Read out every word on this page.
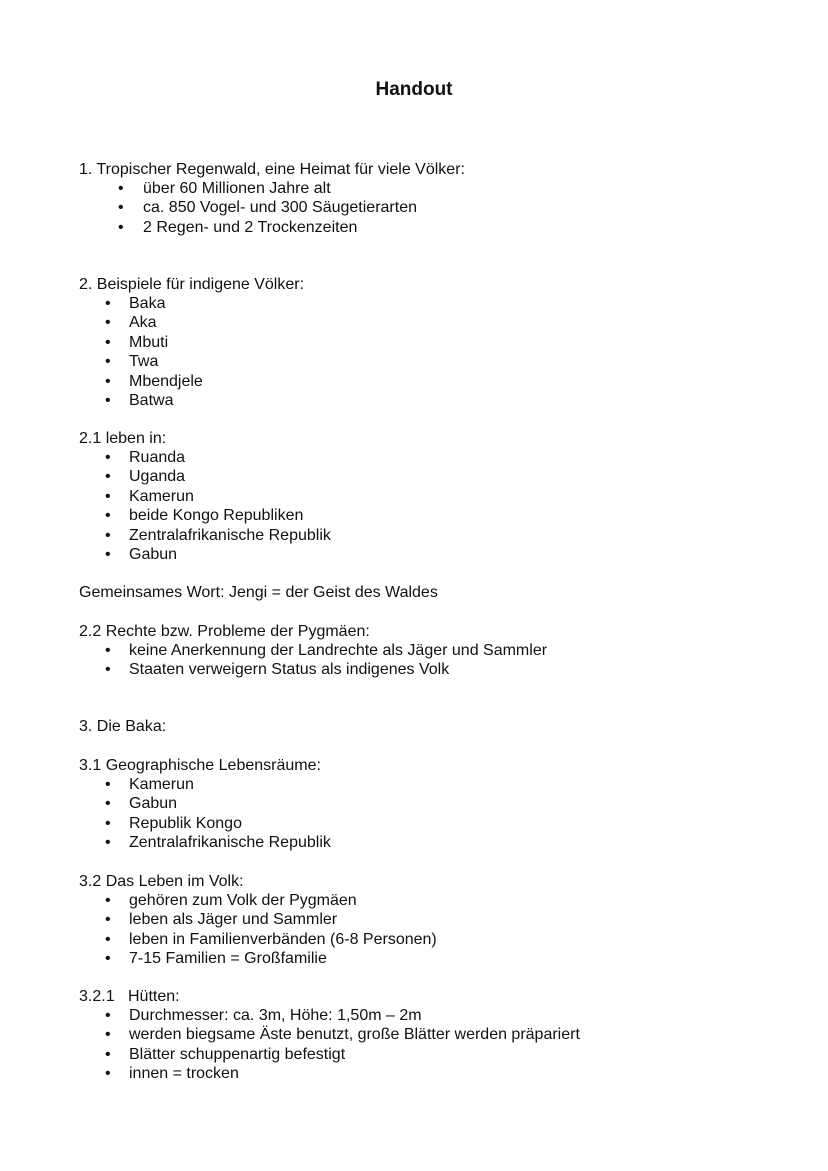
Handout
1. Tropischer Regenwald, eine Heimat für viele Völker:
• über 60 Millionen Jahre alt
• ca. 850 Vogel- und 300 Säugetierarten
• 2 Regen- und 2 Trockenzeiten
2. Beispiele für indigene Völker:
• Baka
• Aka
• Mbuti
• Twa
• Mbendjele
• Batwa
2.1 leben in:
• Ruanda
• Uganda
• Kamerun
• beide Kongo Republiken
• Zentralafrikanische Republik
• Gabun
Gemeinsames Wort: Jengi = der Geist des Waldes
2.2 Rechte bzw. Probleme der Pygmäen:
• keine Anerkennung der Landrechte als Jäger und Sammler
• Staaten verweigern Status als indigenes Volk
3. Die Baka:
3.1 Geographische Lebensräume:
• Kamerun
• Gabun
• Republik Kongo
• Zentralafrikanische Republik
3.2 Das Leben im Volk:
• gehören zum Volk der Pygmäen
• leben als Jäger und Sammler
• leben in Familienverbänden (6-8 Personen)
• 7-15 Familien = Großfamilie
3.2.1 Hütten:
• Durchmesser: ca. 3m, Höhe: 1,50m – 2m
• werden biegsame Äste benutzt, große Blätter werden präpariert
• Blätter schuppenartig befestigt
• innen = trocken
